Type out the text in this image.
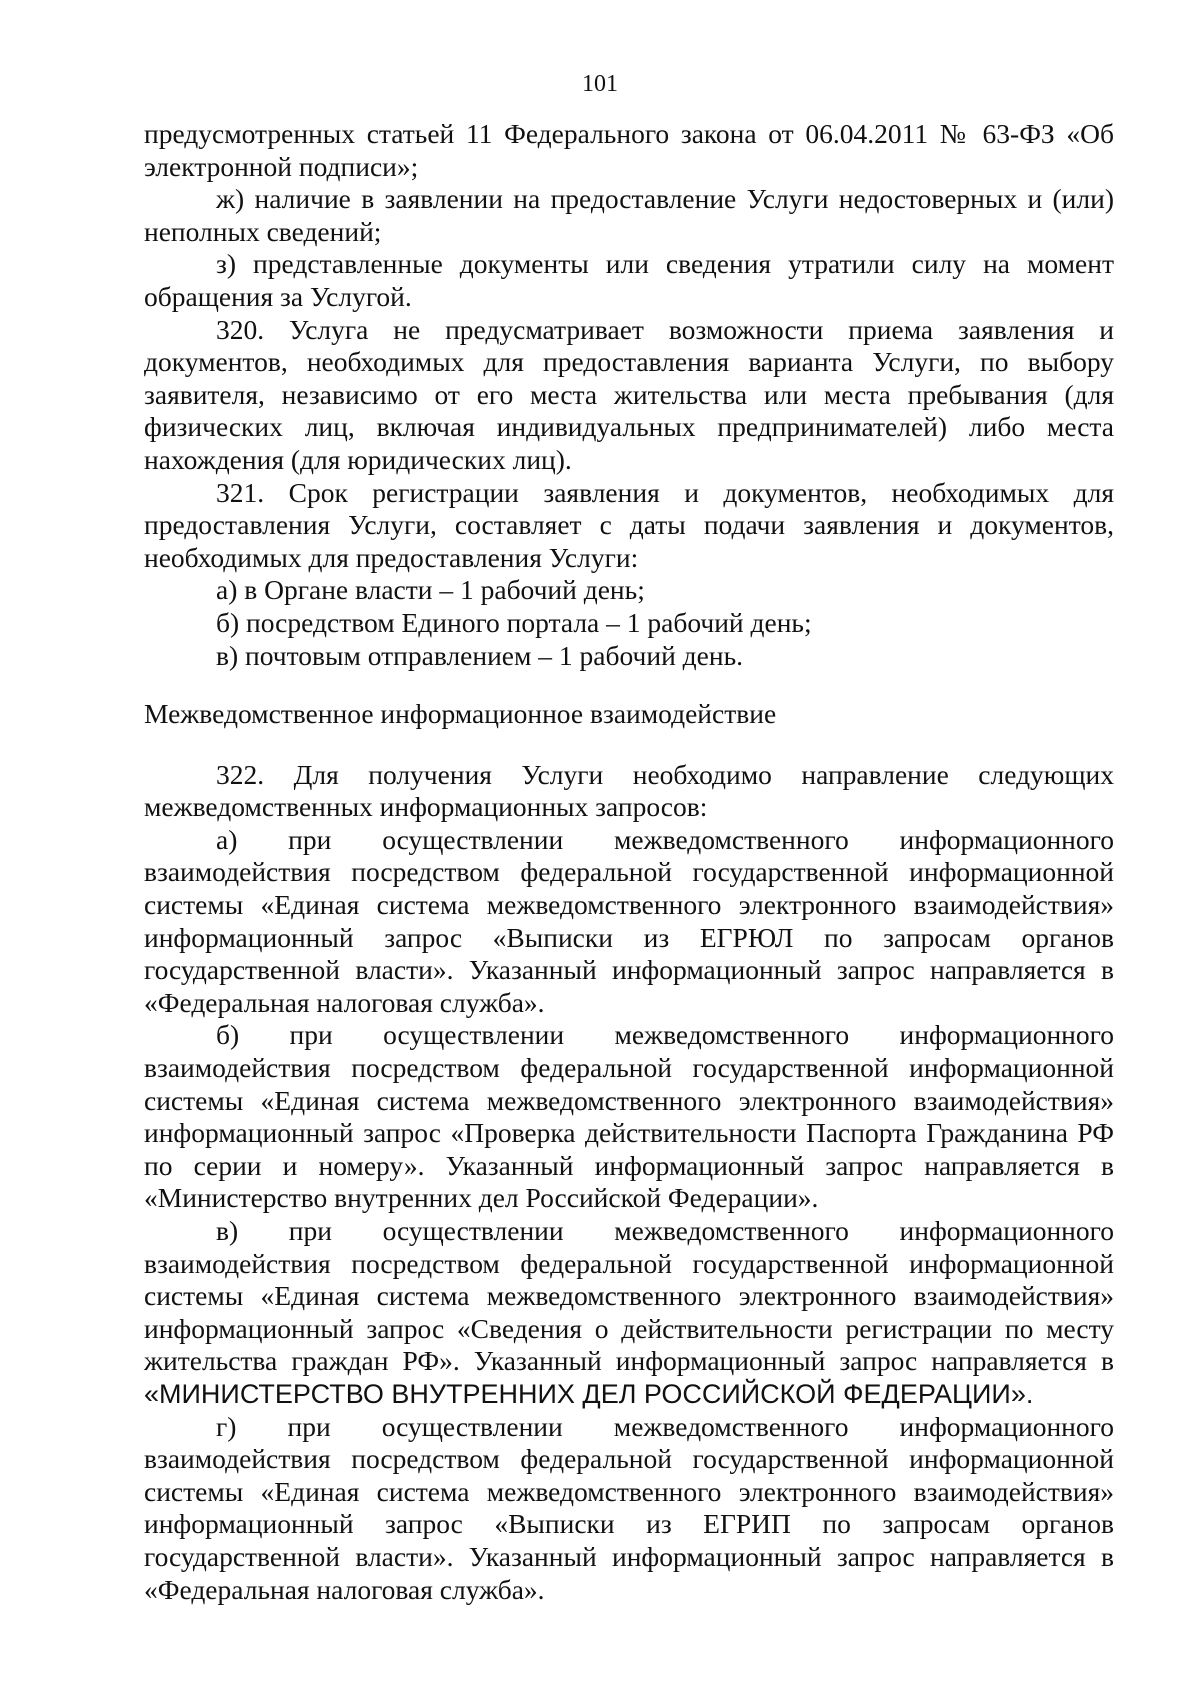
101

предусмотренных статьей 11 Федерального закона от 06.04.2011 № 63-ФЗ «Об электронной подписи»;

ж) наличие в заявлении на предоставление Услуги недостоверных и (или) неполных сведений;

з) представленные документы или сведения утратили силу на момент обращения за Услугой.

320. Услуга не предусматривает возможности приема заявления и документов, необходимых для предоставления варианта Услуги, по выбору заявителя, независимо от его места жительства или места пребывания (для физических лиц, включая индивидуальных предпринимателей) либо места нахождения (для юридических лиц).

321. Срок регистрации заявления и документов, необходимых для предоставления Услуги, составляет с даты подачи заявления и документов, необходимых для предоставления Услуги:

а) в Органе власти – 1 рабочий день;

б) посредством Единого портала – 1 рабочий день;

в) почтовым отправлением – 1 рабочий день.

Межведомственное информационное взаимодействие

322. Для получения Услуги необходимо направление следующих межведомственных информационных запросов:

а) при осуществлении межведомственного информационного взаимодействия посредством федеральной государственной информационной системы «Единая система межведомственного электронного взаимодействия» информационный запрос «Выписки из ЕГРЮЛ по запросам органов государственной власти». Указанный информационный запрос направляется в «Федеральная налоговая служба».

б) при осуществлении межведомственного информационного взаимодействия посредством федеральной государственной информационной системы «Единая система межведомственного электронного взаимодействия» информационный запрос «Проверка действительности Паспорта Гражданина РФ по серии и номеру». Указанный информационный запрос направляется в «Министерство внутренних дел Российской Федерации».

в) при осуществлении межведомственного информационного взаимодействия посредством федеральной государственной информационной системы «Единая система межведомственного электронного взаимодействия» информационный запрос «Сведения о действительности регистрации по месту жительства граждан РФ». Указанный информационный запрос направляется в «МИНИСТЕРСТВО ВНУТРЕННИХ ДЕЛ РОССИЙСКОЙ ФЕДЕРАЦИИ».

г) при осуществлении межведомственного информационного взаимодействия посредством федеральной государственной информационной системы «Единая система межведомственного электронного взаимодействия» информационный запрос «Выписки из ЕГРИП по запросам органов государственной власти». Указанный информационный запрос направляется в «Федеральная налоговая служба».
